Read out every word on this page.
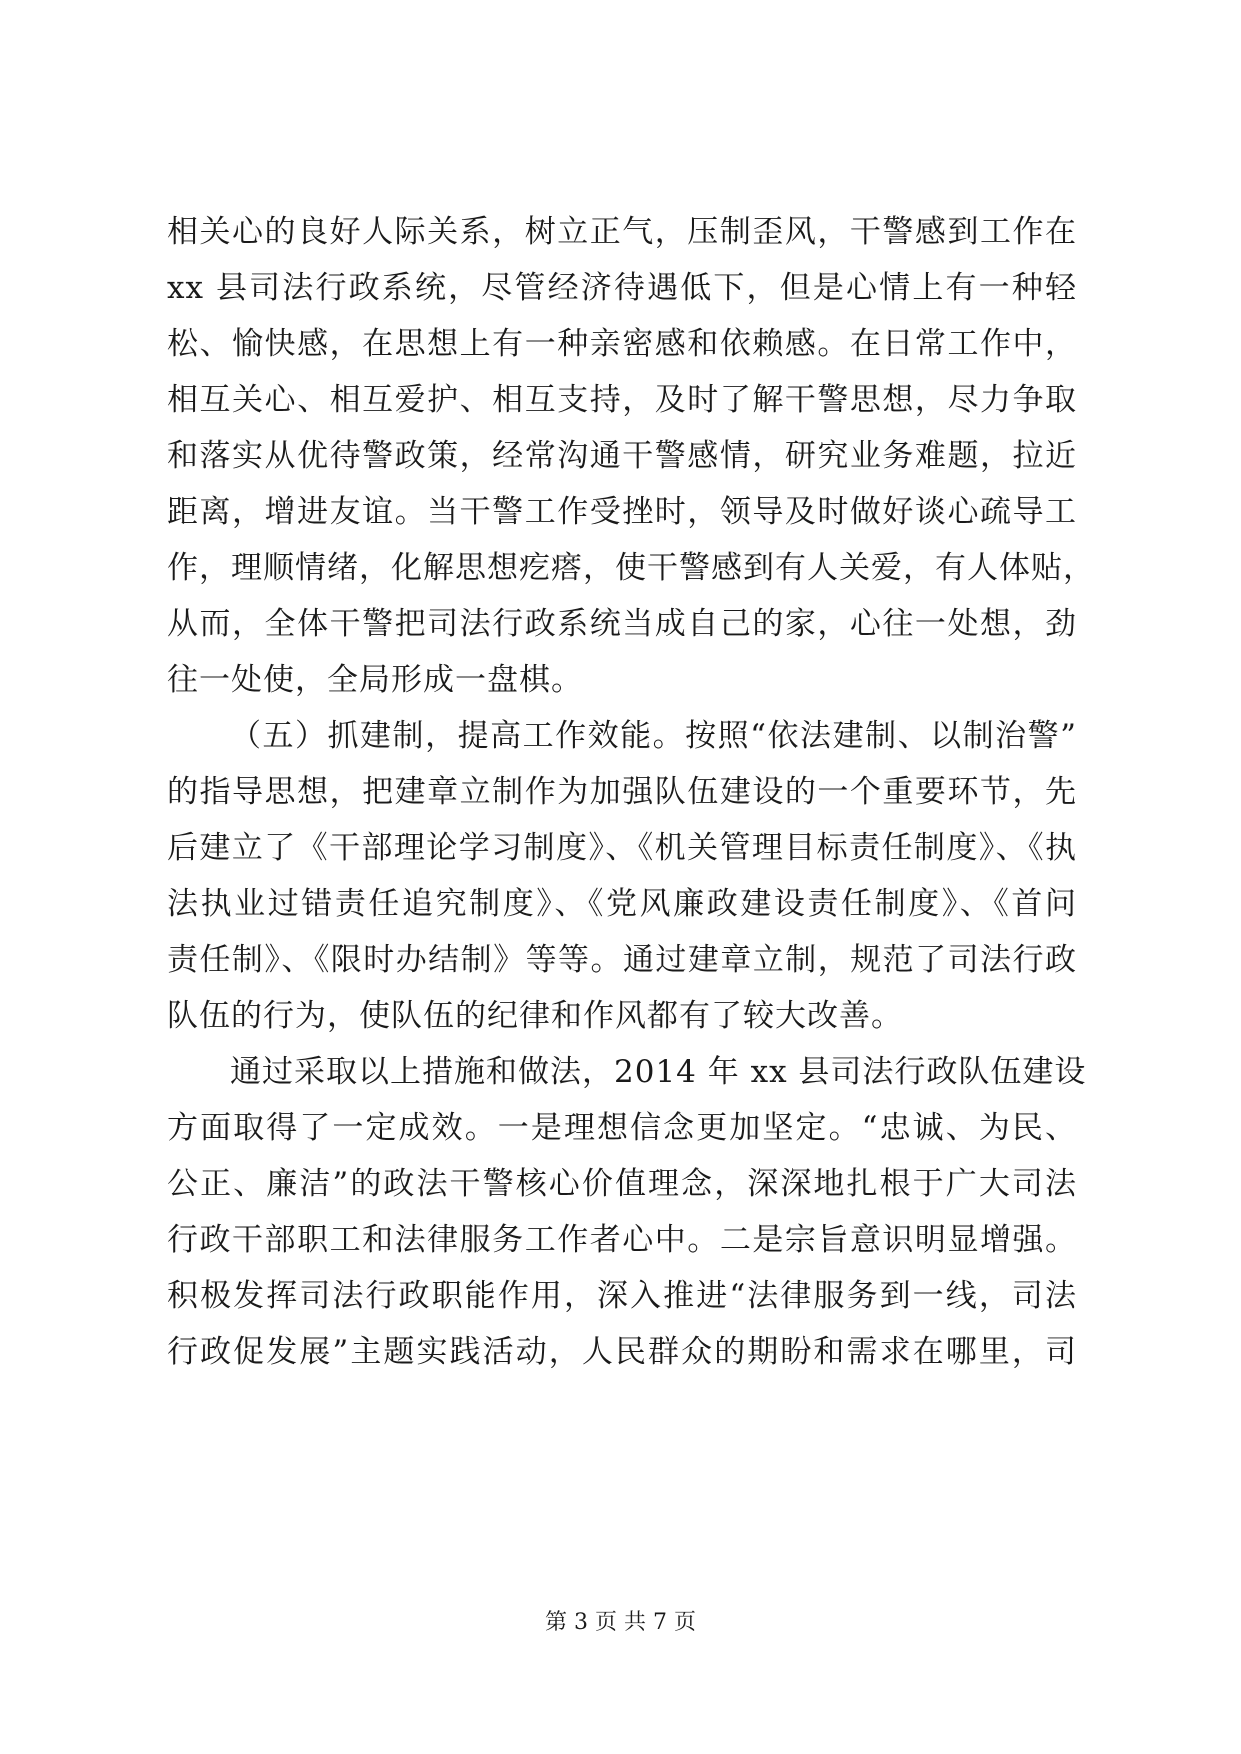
相关心的良好人际关系，树立正气，压制歪风，干警感到工作在
xx 县司法行政系统，尽管经济待遇低下，但是心情上有一种轻
松、愉快感，在思想上有一种亲密感和依赖感。在日常工作中，
相互关心、相互爱护、相互支持，及时了解干警思想，尽力争取
和落实从优待警政策，经常沟通干警感情，研究业务难题，拉近
距离，增进友谊。当干警工作受挫时，领导及时做好谈心疏导工
作，理顺情绪，化解思想疙瘩，使干警感到有人关爱，有人体贴，
从而，全体干警把司法行政系统当成自己的家，心往一处想，劲
往一处使，全局形成一盘棋。
（五）抓建制，提高工作效能。按照“依法建制、以制治警”
的指导思想，把建章立制作为加强队伍建设的一个重要环节，先
后建立了《干部理论学习制度》、《机关管理目标责任制度》、《执
法执业过错责任追究制度》、《党风廉政建设责任制度》、《首问
责任制》、《限时办结制》等等。通过建章立制，规范了司法行政
队伍的行为，使队伍的纪律和作风都有了较大改善。
通过采取以上措施和做法，2014 年 xx 县司法行政队伍建设
方面取得了一定成效。一是理想信念更加坚定。“忠诚、为民、
公正、廉洁”的政法干警核心价值理念，深深地扎根于广大司法
行政干部职工和法律服务工作者心中。二是宗旨意识明显增强。
积极发挥司法行政职能作用，深入推进“法律服务到一线，司法
行政促发展”主题实践活动，人民群众的期盼和需求在哪里，司
第 3 页 共 7 页
